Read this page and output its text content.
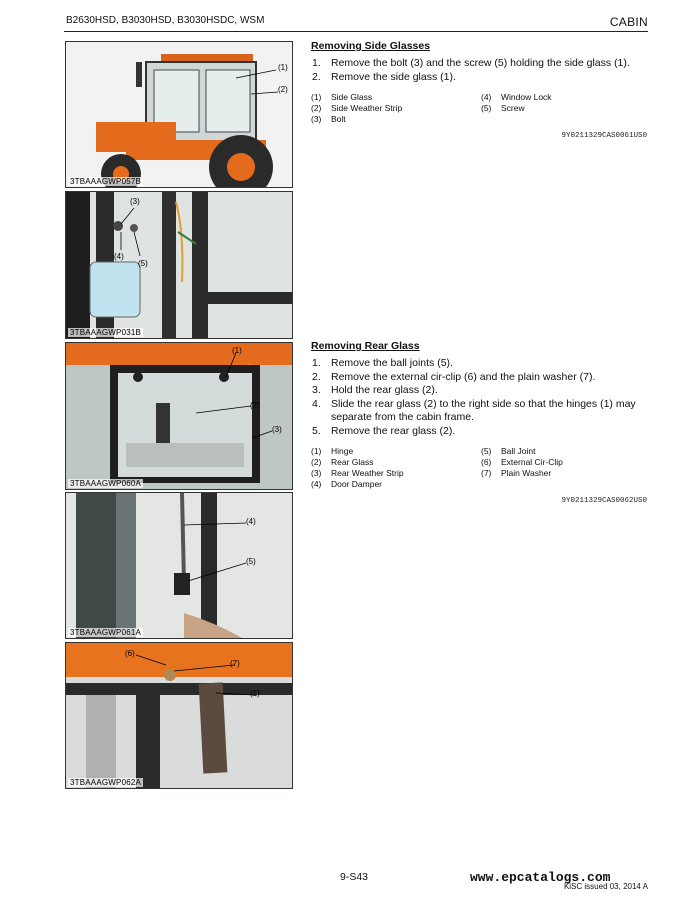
B2630HSD, B3030HSD, B3030HSDC, WSM	CABIN
(1)
(2)
3TBAAAGWP057B
(3)
(4)
(5)
3TBAAAGWP031B
(1)
(2)
(3)
3TBAAAGWP060A
(4)
(5)
3TBAAAGWP061A
(6)
(7)
(1)
3TBAAAGWP062A
Removing Side Glasses
1. Remove the bolt (3) and the screw (5) holding the side glass (1).
2. Remove the side glass (1).
(1)	Side Glass	(4)	Window Lock
(2)	Side Weather Strip	(5)	Screw
(3)	Bolt
9Y0211329CAS0061US0
Removing Rear Glass
1. Remove the ball joints (5).
2. Remove the external cir-clip (6) and the plain washer (7).
3. Hold the rear glass (2).
4. Slide the rear glass (2) to the right side so that the hinges (1) may separate from the cabin frame.
5. Remove the rear glass (2).
(1)	Hinge	(5)	Ball Joint
(2)	Rear Glass	(6)	External Cir-Clip
(3)	Rear Weather Strip	(7)	Plain Washer
(4)	Door Damper
9Y0211329CAS0062US0
9-S43	www.epcatalogs.com
KiSC issued 03, 2014 A
